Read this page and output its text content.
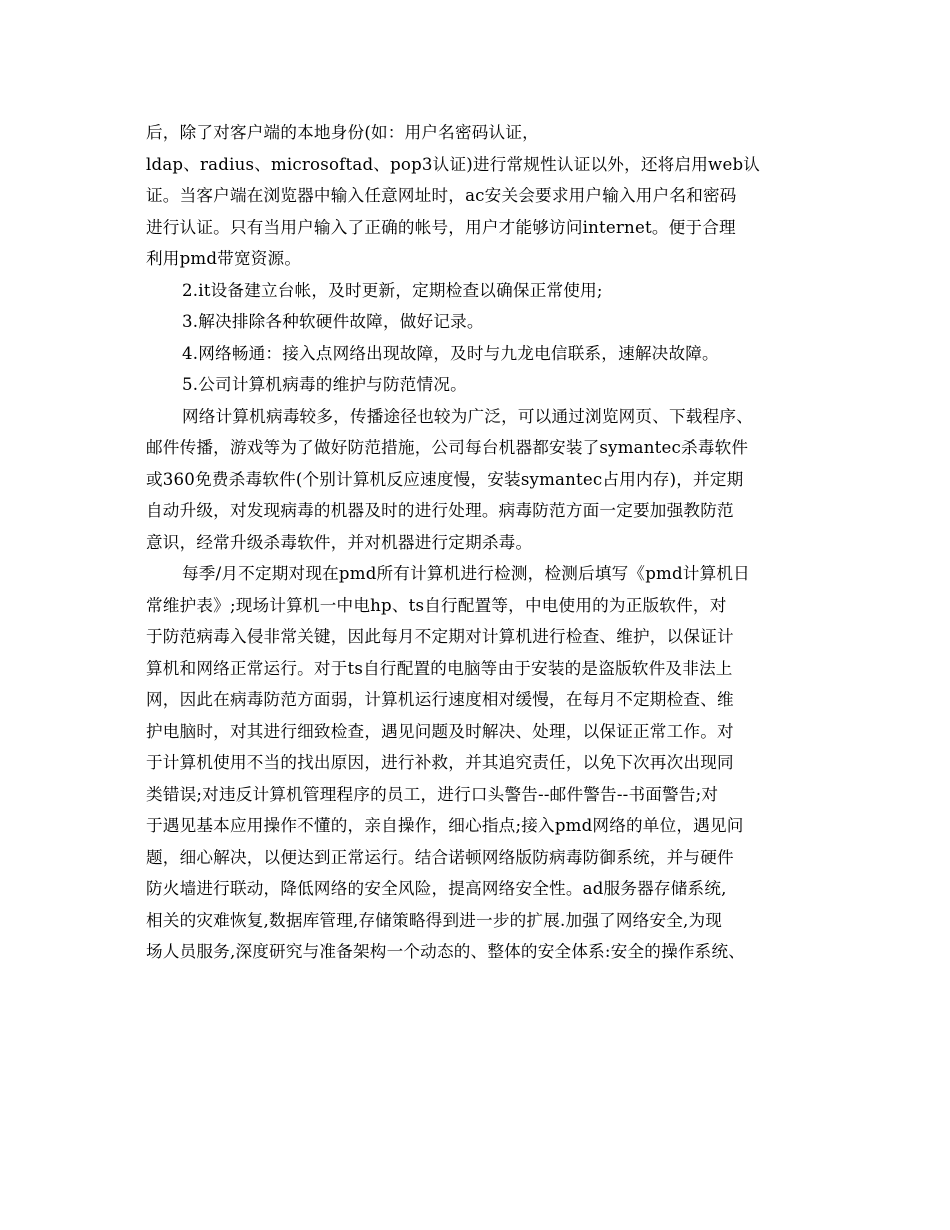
后，除了对客户端的本地身份(如：用户名密码认证，
ldap、radius、microsoftad、pop3认证)进行常规性认证以外，还将启用web认
证。当客户端在浏览器中输入任意网址时，ac安关会要求用户输入用户名和密码
进行认证。只有当用户输入了正确的帐号，用户才能够访问internet。便于合理
利用pmd带宽资源。
2.it设备建立台帐，及时更新，定期检查以确保正常使用;
3.解决排除各种软硬件故障，做好记录。
4.网络畅通：接入点网络出现故障，及时与九龙电信联系，速解决故障。
5.公司计算机病毒的维护与防范情况。
网络计算机病毒较多，传播途径也较为广泛，可以通过浏览网页、下载程序、
邮件传播，游戏等为了做好防范措施，公司每台机器都安装了symantec杀毒软件
或360免费杀毒软件(个别计算机反应速度慢，安装symantec占用内存)，并定期
自动升级，对发现病毒的机器及时的进行处理。病毒防范方面一定要加强教防范
意识，经常升级杀毒软件，并对机器进行定期杀毒。
每季/月不定期对现在pmd所有计算机进行检测，检测后填写《pmd计算机日
常维护表》;现场计算机一中电hp、ts自行配置等，中电使用的为正版软件，对
于防范病毒入侵非常关键，因此每月不定期对计算机进行检查、维护，以保证计
算机和网络正常运行。对于ts自行配置的电脑等由于安装的是盗版软件及非法上
网，因此在病毒防范方面弱，计算机运行速度相对缓慢，在每月不定期检查、维
护电脑时，对其进行细致检查，遇见问题及时解决、处理，以保证正常工作。对
于计算机使用不当的找出原因，进行补救，并其追究责任，以免下次再次出现同
类错误;对违反计算机管理程序的员工，进行口头警告--邮件警告--书面警告;对
于遇见基本应用操作不懂的，亲自操作，细心指点;接入pmd网络的单位，遇见问
题，细心解决，以便达到正常运行。结合诺顿网络版防病毒防御系统，并与硬件
防火墙进行联动，降低网络的安全风险，提高网络安全性。ad服务器存储系统,
相关的灾难恢复,数据库管理,存储策略得到进一步的扩展.加强了网络安全,为现
场人员服务,深度研究与准备架构一个动态的、整体的安全体系:安全的操作系统、
